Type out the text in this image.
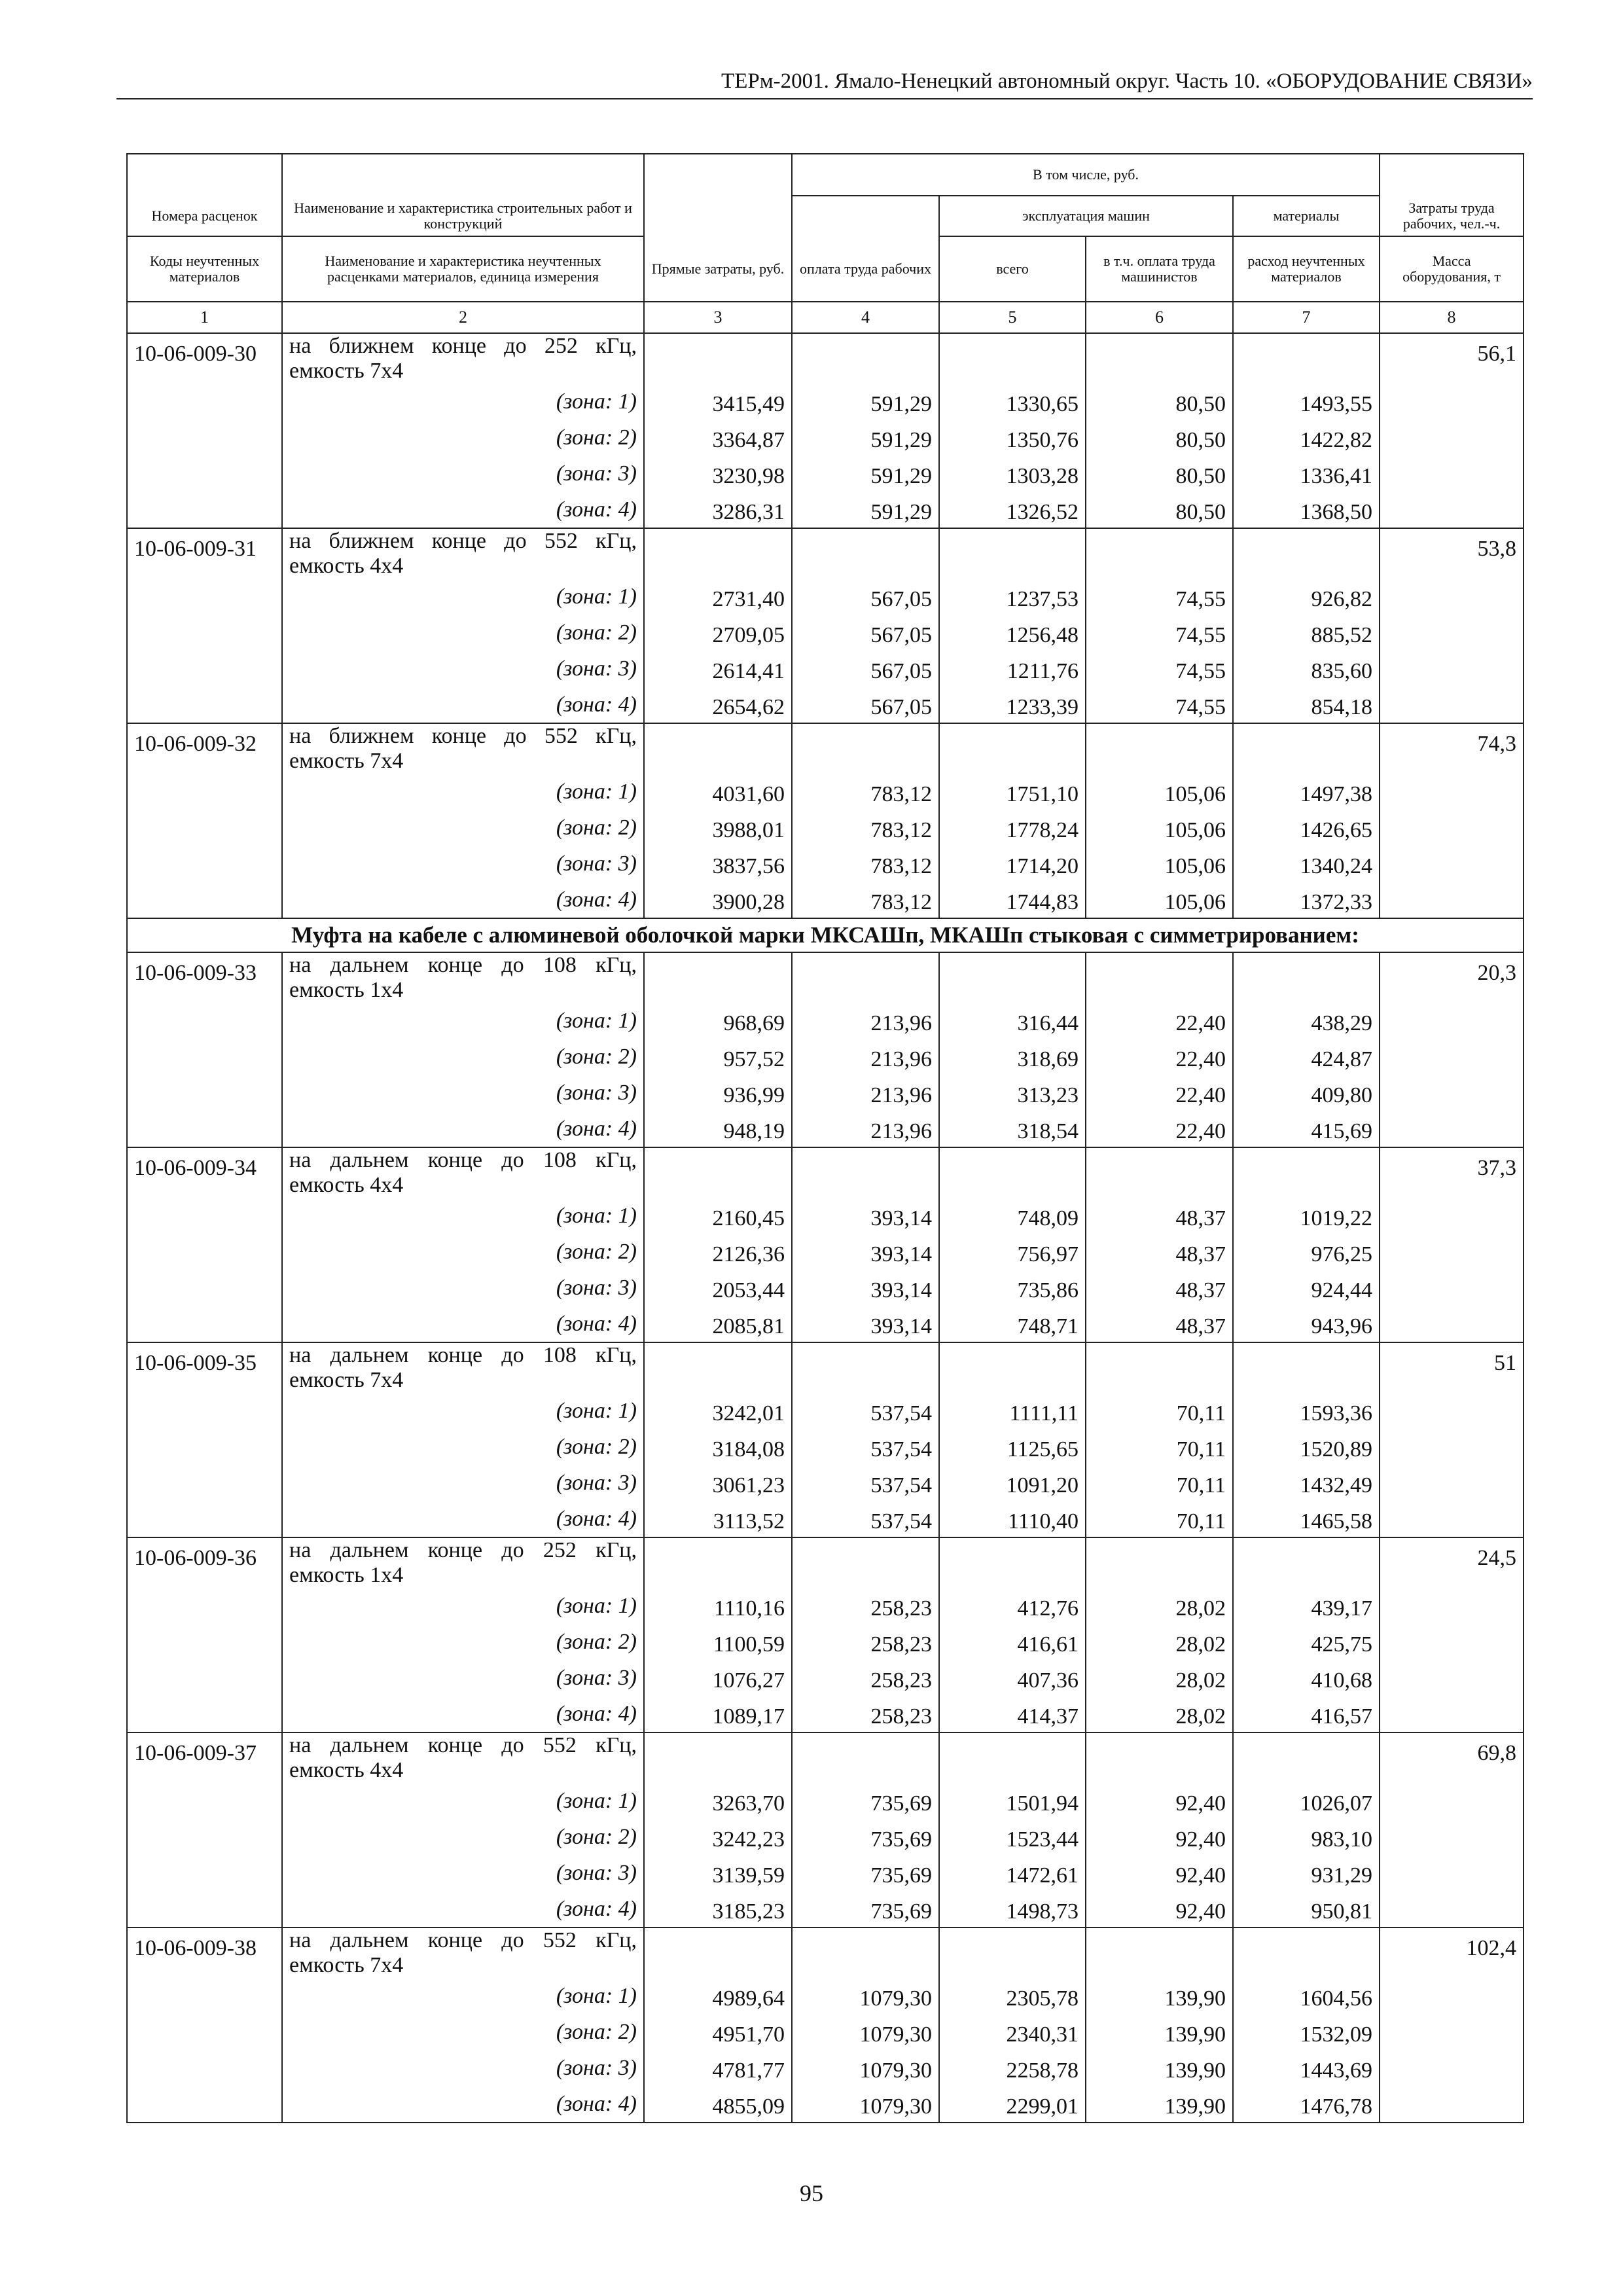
ТЕРм-2001. Ямало-Ненецкий автономный округ. Часть 10. «ОБОРУДОВАНИЕ СВЯЗИ»
			В том числе, руб.				
Номера расценок	Наименование и характеристика строительных работ и конструкций			эксплуатация машин		материалы	Затраты труда рабочих, чел.-ч.
Коды неучтенных материалов	Наименование и характеристика неучтенных расценками материалов, единица измерения	Прямые затраты, руб.	оплата труда рабочих	всего	в т.ч. оплата труда машинистов	расход неучтенных материалов	Масса оборудования, т
1	2	3	4	5	6	7	8
10-06-009-30	на ближнем конце до 252 кГц, емкость 7х4						56,1
	(зона: 1)	3415,49	591,29	1330,65	80,50	1493,55	
	(зона: 2)	3364,87	591,29	1350,76	80,50	1422,82	
	(зона: 3)	3230,98	591,29	1303,28	80,50	1336,41	
	(зона: 4)	3286,31	591,29	1326,52	80,50	1368,50	
10-06-009-31	на ближнем конце до 552 кГц, емкость 4х4						53,8
	(зона: 1)	2731,40	567,05	1237,53	74,55	926,82	
	(зона: 2)	2709,05	567,05	1256,48	74,55	885,52	
	(зона: 3)	2614,41	567,05	1211,76	74,55	835,60	
	(зона: 4)	2654,62	567,05	1233,39	74,55	854,18	
10-06-009-32	на ближнем конце до 552 кГц, емкость 7х4						74,3
	(зона: 1)	4031,60	783,12	1751,10	105,06	1497,38	
	(зона: 2)	3988,01	783,12	1778,24	105,06	1426,65	
	(зона: 3)	3837,56	783,12	1714,20	105,06	1340,24	
	(зона: 4)	3900,28	783,12	1744,83	105,06	1372,33	
Муфта на кабеле с алюминевой оболочкой марки МКСАШп, МКАШп стыковая с симметрированием:							
10-06-009-33	на дальнем конце до 108 кГц, емкость 1х4						20,3
	(зона: 1)	968,69	213,96	316,44	22,40	438,29	
	(зона: 2)	957,52	213,96	318,69	22,40	424,87	
	(зона: 3)	936,99	213,96	313,23	22,40	409,80	
	(зона: 4)	948,19	213,96	318,54	22,40	415,69	
10-06-009-34	на дальнем конце до 108 кГц, емкость 4х4						37,3
	(зона: 1)	2160,45	393,14	748,09	48,37	1019,22	
	(зона: 2)	2126,36	393,14	756,97	48,37	976,25	
	(зона: 3)	2053,44	393,14	735,86	48,37	924,44	
	(зона: 4)	2085,81	393,14	748,71	48,37	943,96	
10-06-009-35	на дальнем конце до 108 кГц, емкость 7х4						51
	(зона: 1)	3242,01	537,54	1111,11	70,11	1593,36	
	(зона: 2)	3184,08	537,54	1125,65	70,11	1520,89	
	(зона: 3)	3061,23	537,54	1091,20	70,11	1432,49	
	(зона: 4)	3113,52	537,54	1110,40	70,11	1465,58	
10-06-009-36	на дальнем конце до 252 кГц, емкость 1х4						24,5
	(зона: 1)	1110,16	258,23	412,76	28,02	439,17	
	(зона: 2)	1100,59	258,23	416,61	28,02	425,75	
	(зона: 3)	1076,27	258,23	407,36	28,02	410,68	
	(зона: 4)	1089,17	258,23	414,37	28,02	416,57	
10-06-009-37	на дальнем конце до 552 кГц, емкость 4х4						69,8
	(зона: 1)	3263,70	735,69	1501,94	92,40	1026,07	
	(зона: 2)	3242,23	735,69	1523,44	92,40	983,10	
	(зона: 3)	3139,59	735,69	1472,61	92,40	931,29	
	(зона: 4)	3185,23	735,69	1498,73	92,40	950,81	
10-06-009-38	на дальнем конце до 552 кГц, емкость 7х4						102,4
	(зона: 1)	4989,64	1079,30	2305,78	139,90	1604,56	
	(зона: 2)	4951,70	1079,30	2340,31	139,90	1532,09	
	(зона: 3)	4781,77	1079,30	2258,78	139,90	1443,69	
	(зона: 4)	4855,09	1079,30	2299,01	139,90	1476,78	
95
